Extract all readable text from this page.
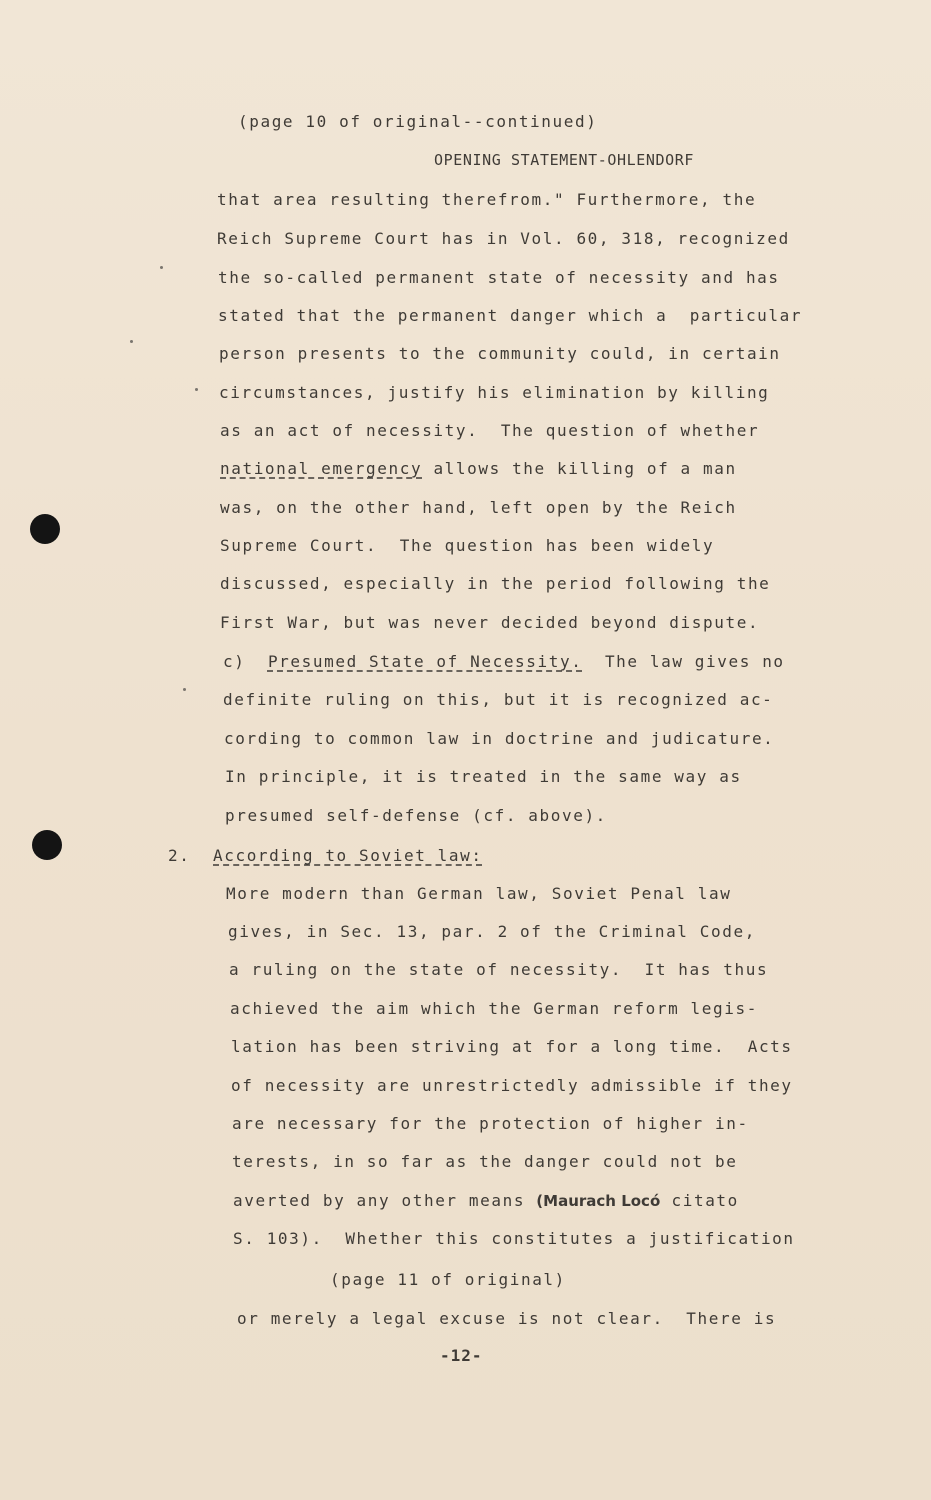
(page 10 of original--continued)
OPENING STATEMENT-OHLENDORF
that area resulting therefrom." Furthermore, the
Reich Supreme Court has in Vol. 60, 318, recognized
the so-called permanent state of necessity and has
stated that the permanent danger which a  particular
person presents to the community could, in certain
circumstances, justify his elimination by killing
as an act of necessity.  The question of whether
national emergency allows the killing of a man
was, on the other hand, left open by the Reich
Supreme Court.  The question has been widely
discussed, especially in the period following the
First War, but was never decided beyond dispute.
c) Presumed State of Necessity. The law gives no
definite ruling on this, but it is recognized ac-
cording to common law in doctrine and judicature.
In principle, it is treated in the same way as
presumed self-defense (cf. above).
2. According to Soviet law:
More modern than German law, Soviet Penal law
gives, in Sec. 13, par. 2 of the Criminal Code,
a ruling on the state of necessity.  It has thus
achieved the aim which the German reform legis-
lation has been striving at for a long time.  Acts
of necessity are unrestrictedly admissible if they
are necessary for the protection of higher in-
terests, in so far as the danger could not be
averted by any other means (Maurach Locó citato
S. 103).  Whether this constitutes a justification
(page 11 of original)
or merely a legal excuse is not clear.  There is
-12-
